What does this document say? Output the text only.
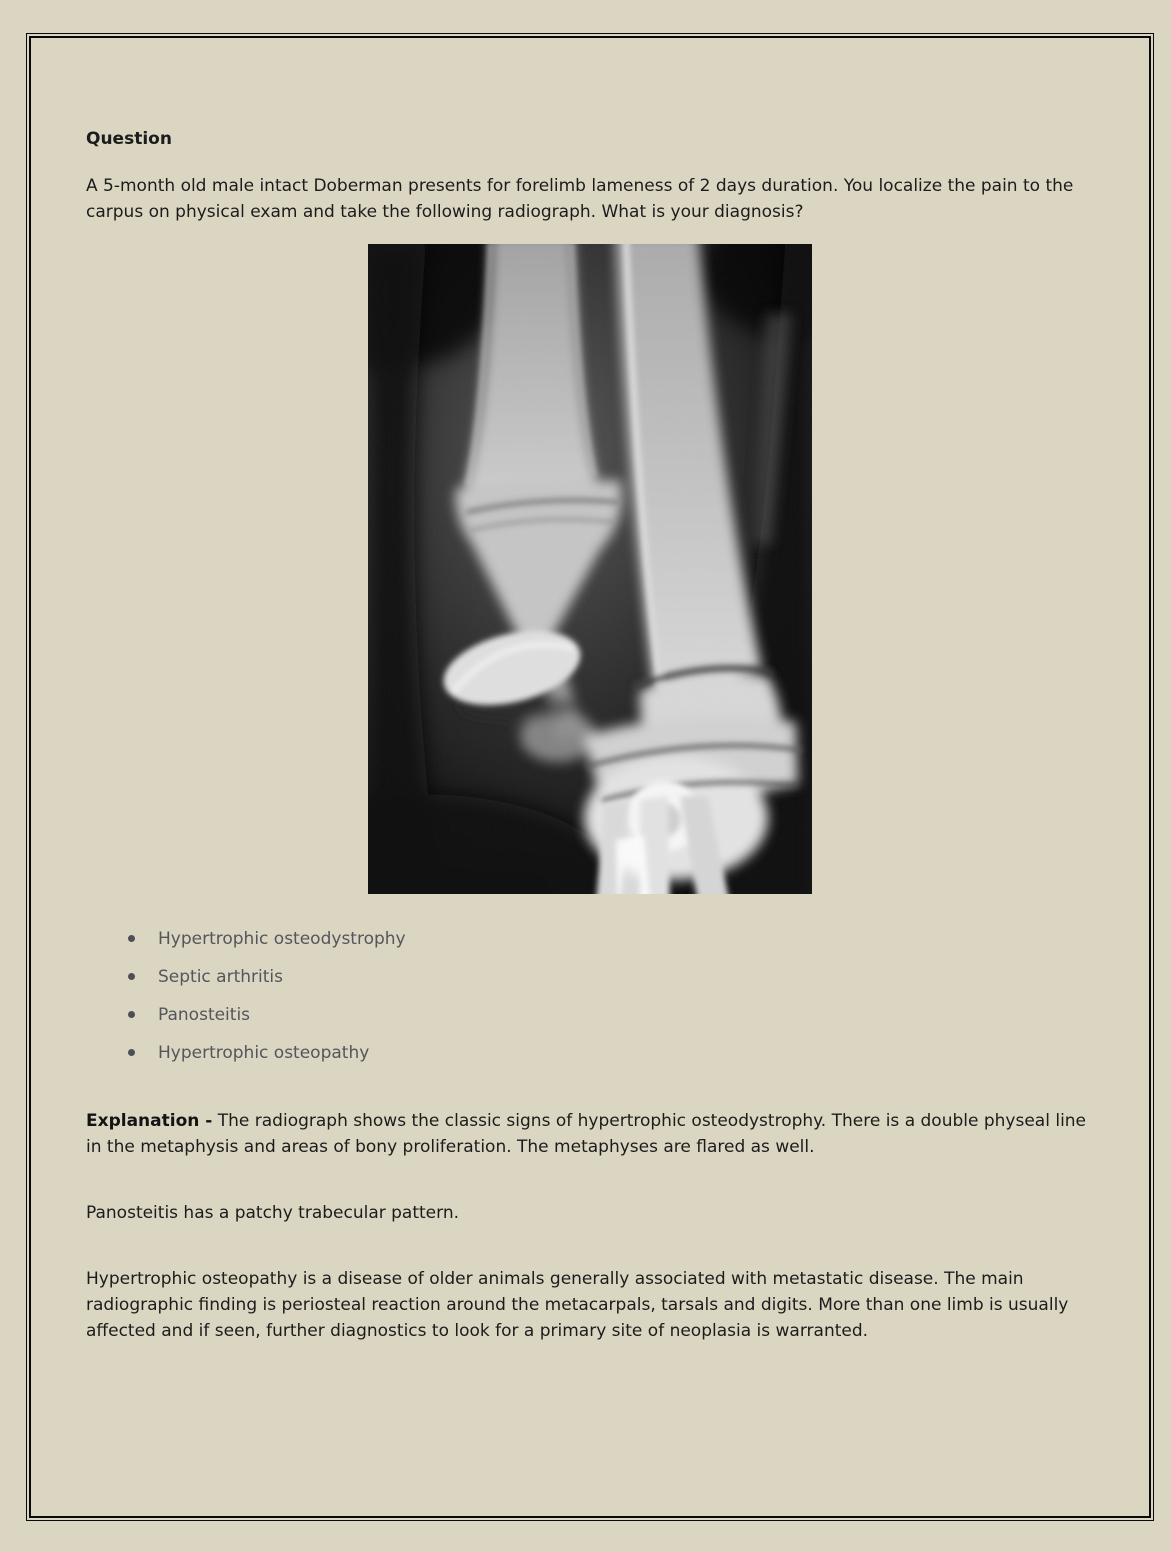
Question

A 5-month old male intact Doberman presents for forelimb lameness of 2 days duration. You localize the pain to the carpus on physical exam and take the following radiograph. What is your diagnosis?

Hypertrophic osteodystrophy
Septic arthritis
Panosteitis
Hypertrophic osteopathy

Explanation - The radiograph shows the classic signs of hypertrophic osteodystrophy. There is a double physeal line in the metaphysis and areas of bony proliferation. The metaphyses are flared as well.

Panosteitis has a patchy trabecular pattern.

Hypertrophic osteopathy is a disease of older animals generally associated with metastatic disease. The main radiographic finding is periosteal reaction around the metacarpals, tarsals and digits. More than one limb is usually affected and if seen, further diagnostics to look for a primary site of neoplasia is warranted.
